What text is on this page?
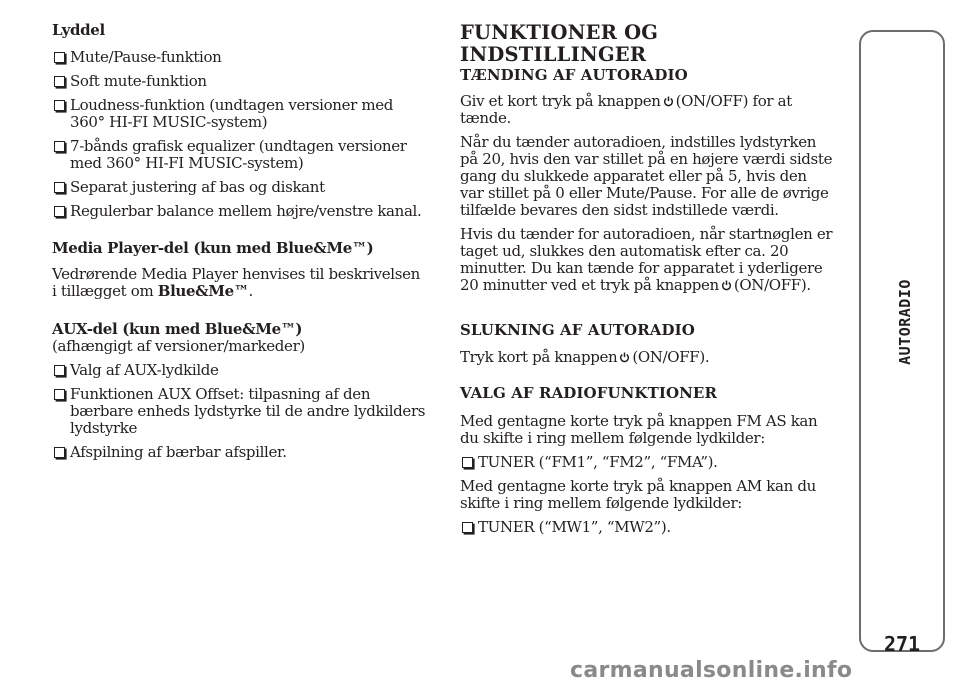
Lyddel

Mute/Pause-funktion
Soft mute-funktion
Loudness-funktion (undtagen versioner med
360° HI-FI MUSIC-system)
7-bånds grafisk equalizer (undtagen versioner
med 360° HI-FI MUSIC-system)
Separat justering af bas og diskant
Regulerbar balance mellem højre/venstre kanal.

Media Player-del (kun med Blue&Me™)

Vedrørende Media Player henvises til beskrivelsen

i tillægget om Blue&Me™.

AUX-del (kun med Blue&Me™)

(afhængigt af versioner/markeder)

Valg af AUX-lydkilde
Funktionen AUX Offset: tilpasning af den
bærbare enheds lydstyrke til de andre lydkilders
lydstyrke
Afspilning af bærbar afspiller.
FUNKTIONER OG INDSTILLINGER
TÆNDING AF AUTORADIO

Giv et kort tryk på knappen (ON/OFF) for at

tænde.

Når du tænder autoradioen, indstilles lydstyrken

på 20, hvis den var stillet på en højere værdi sidste

gang du slukkede apparatet eller på 5, hvis den

var stillet på 0 eller Mute/Pause. For alle de øvrige

tilfælde bevares den sidst indstillede værdi.

Hvis du tænder for autoradioen, når startnøglen er

taget ud, slukkes den automatisk efter ca. 20

minutter. Du kan tænde for apparatet i yderligere

20 minutter ved et tryk på knappen (ON/OFF).

SLUKNING AF AUTORADIO

Tryk kort på knappen (ON/OFF).

VALG AF RADIOFUNKTIONER

Med gentagne korte tryk på knappen FM AS kan

du skifte i ring mellem følgende lydkilder:

TUNER (“FM1”, “FM2”, “FMA”).

Med gentagne korte tryk på knappen AM kan du

skifte i ring mellem følgende lydkilder:

TUNER (“MW1”, “MW2”).
AUTORADIO
271
carmanualsonline.info
